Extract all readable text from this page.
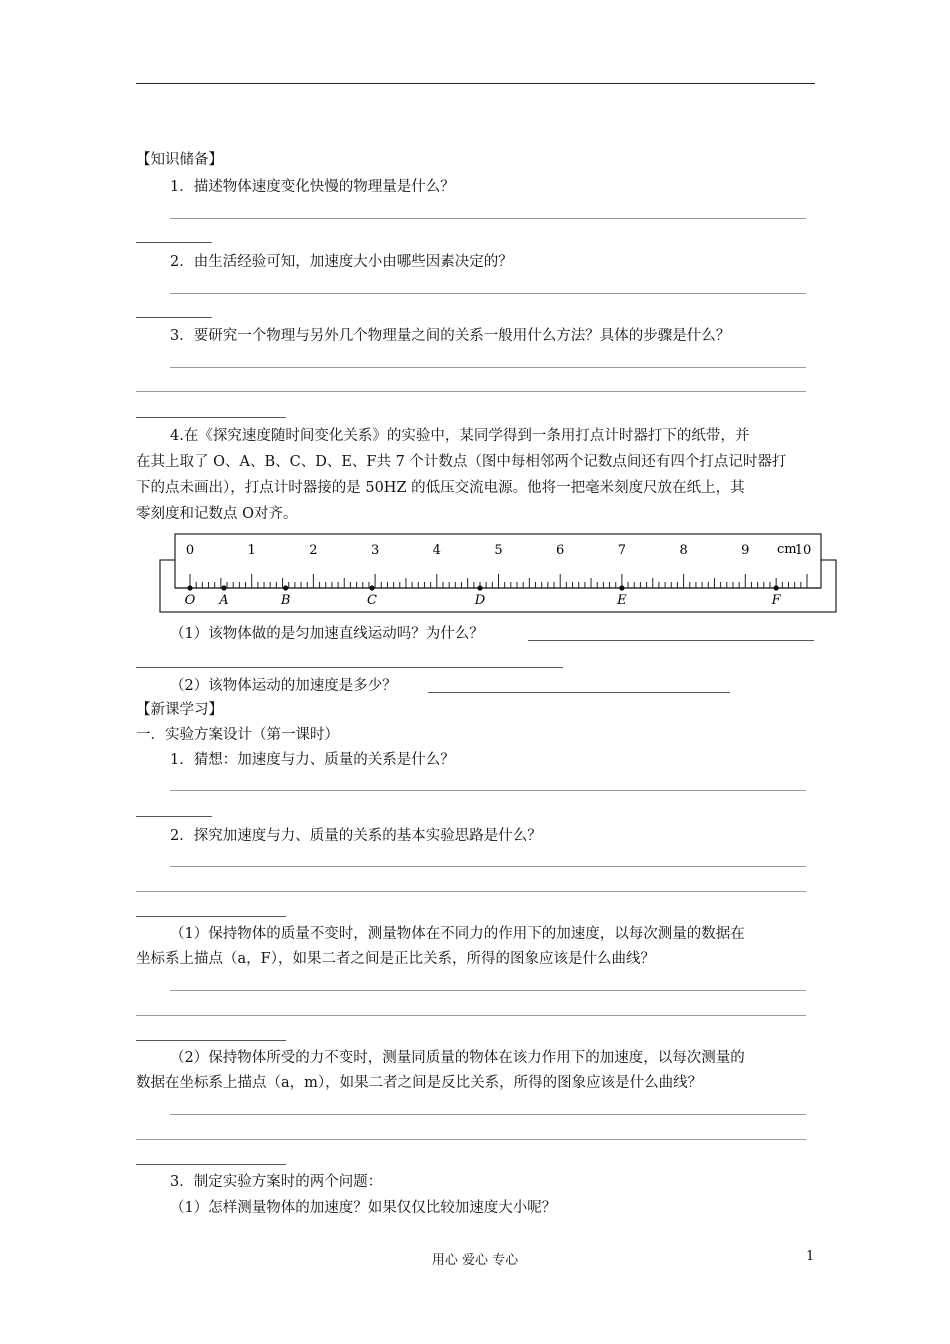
【知识储备】
1．描述物体速度变化快慢的物理量是什么？
2．由生活经验可知，加速度大小由哪些因素决定的？
3．要研究一个物理与另外几个物理量之间的关系一般用什么方法？具体的步骤是什么？
4.在《探究速度随时间变化关系》的实验中，某同学得到一条用打点计时器打下的纸带，并
在其上取了 O、A、B、C、D、E、F共 7 个计数点（图中每相邻两个记数点间还有四个打点记时器打
下的点未画出），打点计时器接的是 50HZ 的低压交流电源。他将一把毫米刻度尺放在纸上，其
零刻度和记数点 O对齐。
0	1	2	3	4	5	6	7	8	9	10
cm
O A	B	C	D	E	F
（1）该物体做的是匀加速直线运动吗？为什么？
（2）该物体运动的加速度是多少？
【新课学习】
一．实验方案设计（第一课时）
1．猜想：加速度与力、质量的关系是什么？
2．探究加速度与力、质量的关系的基本实验思路是什么？
（1）保持物体的质量不变时，测量物体在不同力的作用下的加速度，以每次测量的数据在
坐标系上描点（a，F），如果二者之间是正比关系，所得的图象应该是什么曲线？
（2）保持物体所受的力不变时，测量同质量的物体在该力作用下的加速度，以每次测量的
数据在坐标系上描点（a，m），如果二者之间是反比关系，所得的图象应该是什么曲线？
3．制定实验方案时的两个问题：
（1）怎样测量物体的加速度？如果仅仅比较加速度大小呢？
用心 爱心 专心	1
